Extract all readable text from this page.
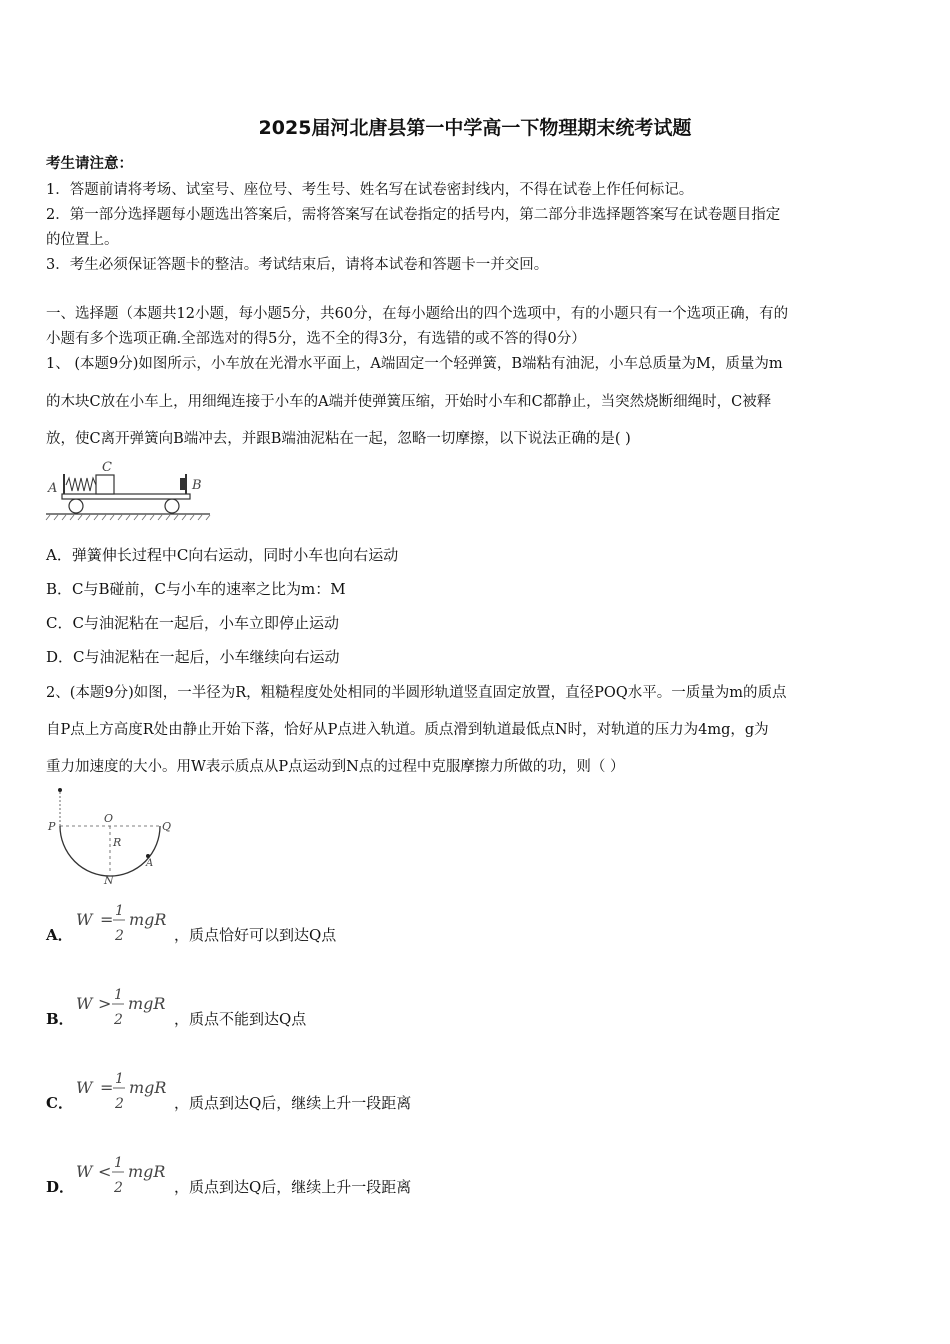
2025届河北唐县第一中学高一下物理期末统考试题
考生请注意：
1．答题前请将考场、试室号、座位号、考生号、姓名写在试卷密封线内，不得在试卷上作任何标记。
2．第一部分选择题每小题选出答案后，需将答案写在试卷指定的括号内，第二部分非选择题答案写在试卷题目指定
的位置上。
3．考生必须保证答题卡的整洁。考试结束后，请将本试卷和答题卡一并交回。
一、选择题（本题共12小题，每小题5分，共60分，在每小题给出的四个选项中，有的小题只有一个选项正确，有的
小题有多个选项正确.全部选对的得5分，选不全的得3分，有选错的或不答的得0分）
1、 (本题9分)如图所示，小车放在光滑水平面上，A端固定一个轻弹簧，B端粘有油泥，小车总质量为M，质量为m
的木块C放在小车上，用细绳连接于小车的A端并使弹簧压缩，开始时小车和C都静止，当突然烧断细绳时，C被释
放，使C离开弹簧向B端冲去，并跟B端油泥粘在一起，忽略一切摩擦，以下说法正确的是( )
A
C
B
A．弹簧伸长过程中C向右运动，同时小车也向右运动
B．C与B碰前，C与小车的速率之比为m：M
C．C与油泥粘在一起后，小车立即停止运动
D．C与油泥粘在一起后，小车继续向右运动
2、(本题9分)如图，一半径为R，粗糙程度处处相同的半圆形轨道竖直固定放置，直径POQ水平。一质量为m的质点
自P点上方高度R处由静止开始下落，恰好从P点进入轨道。质点滑到轨道最低点N时，对轨道的压力为4mg，g为
重力加速度的大小。用W表示质点从P点运动到N点的过程中克服摩擦力所做的功，则（ ）
P
O
Q
R
N
A
A．
W = 1
2
mgR
，质点恰好可以到达Q点
B．
W > 1
2
mgR
，质点不能到达Q点
C．
W = 1
2
mgR
，质点到达Q后，继续上升一段距离
D．
W < 1
2
mgR
，质点到达Q后，继续上升一段距离
